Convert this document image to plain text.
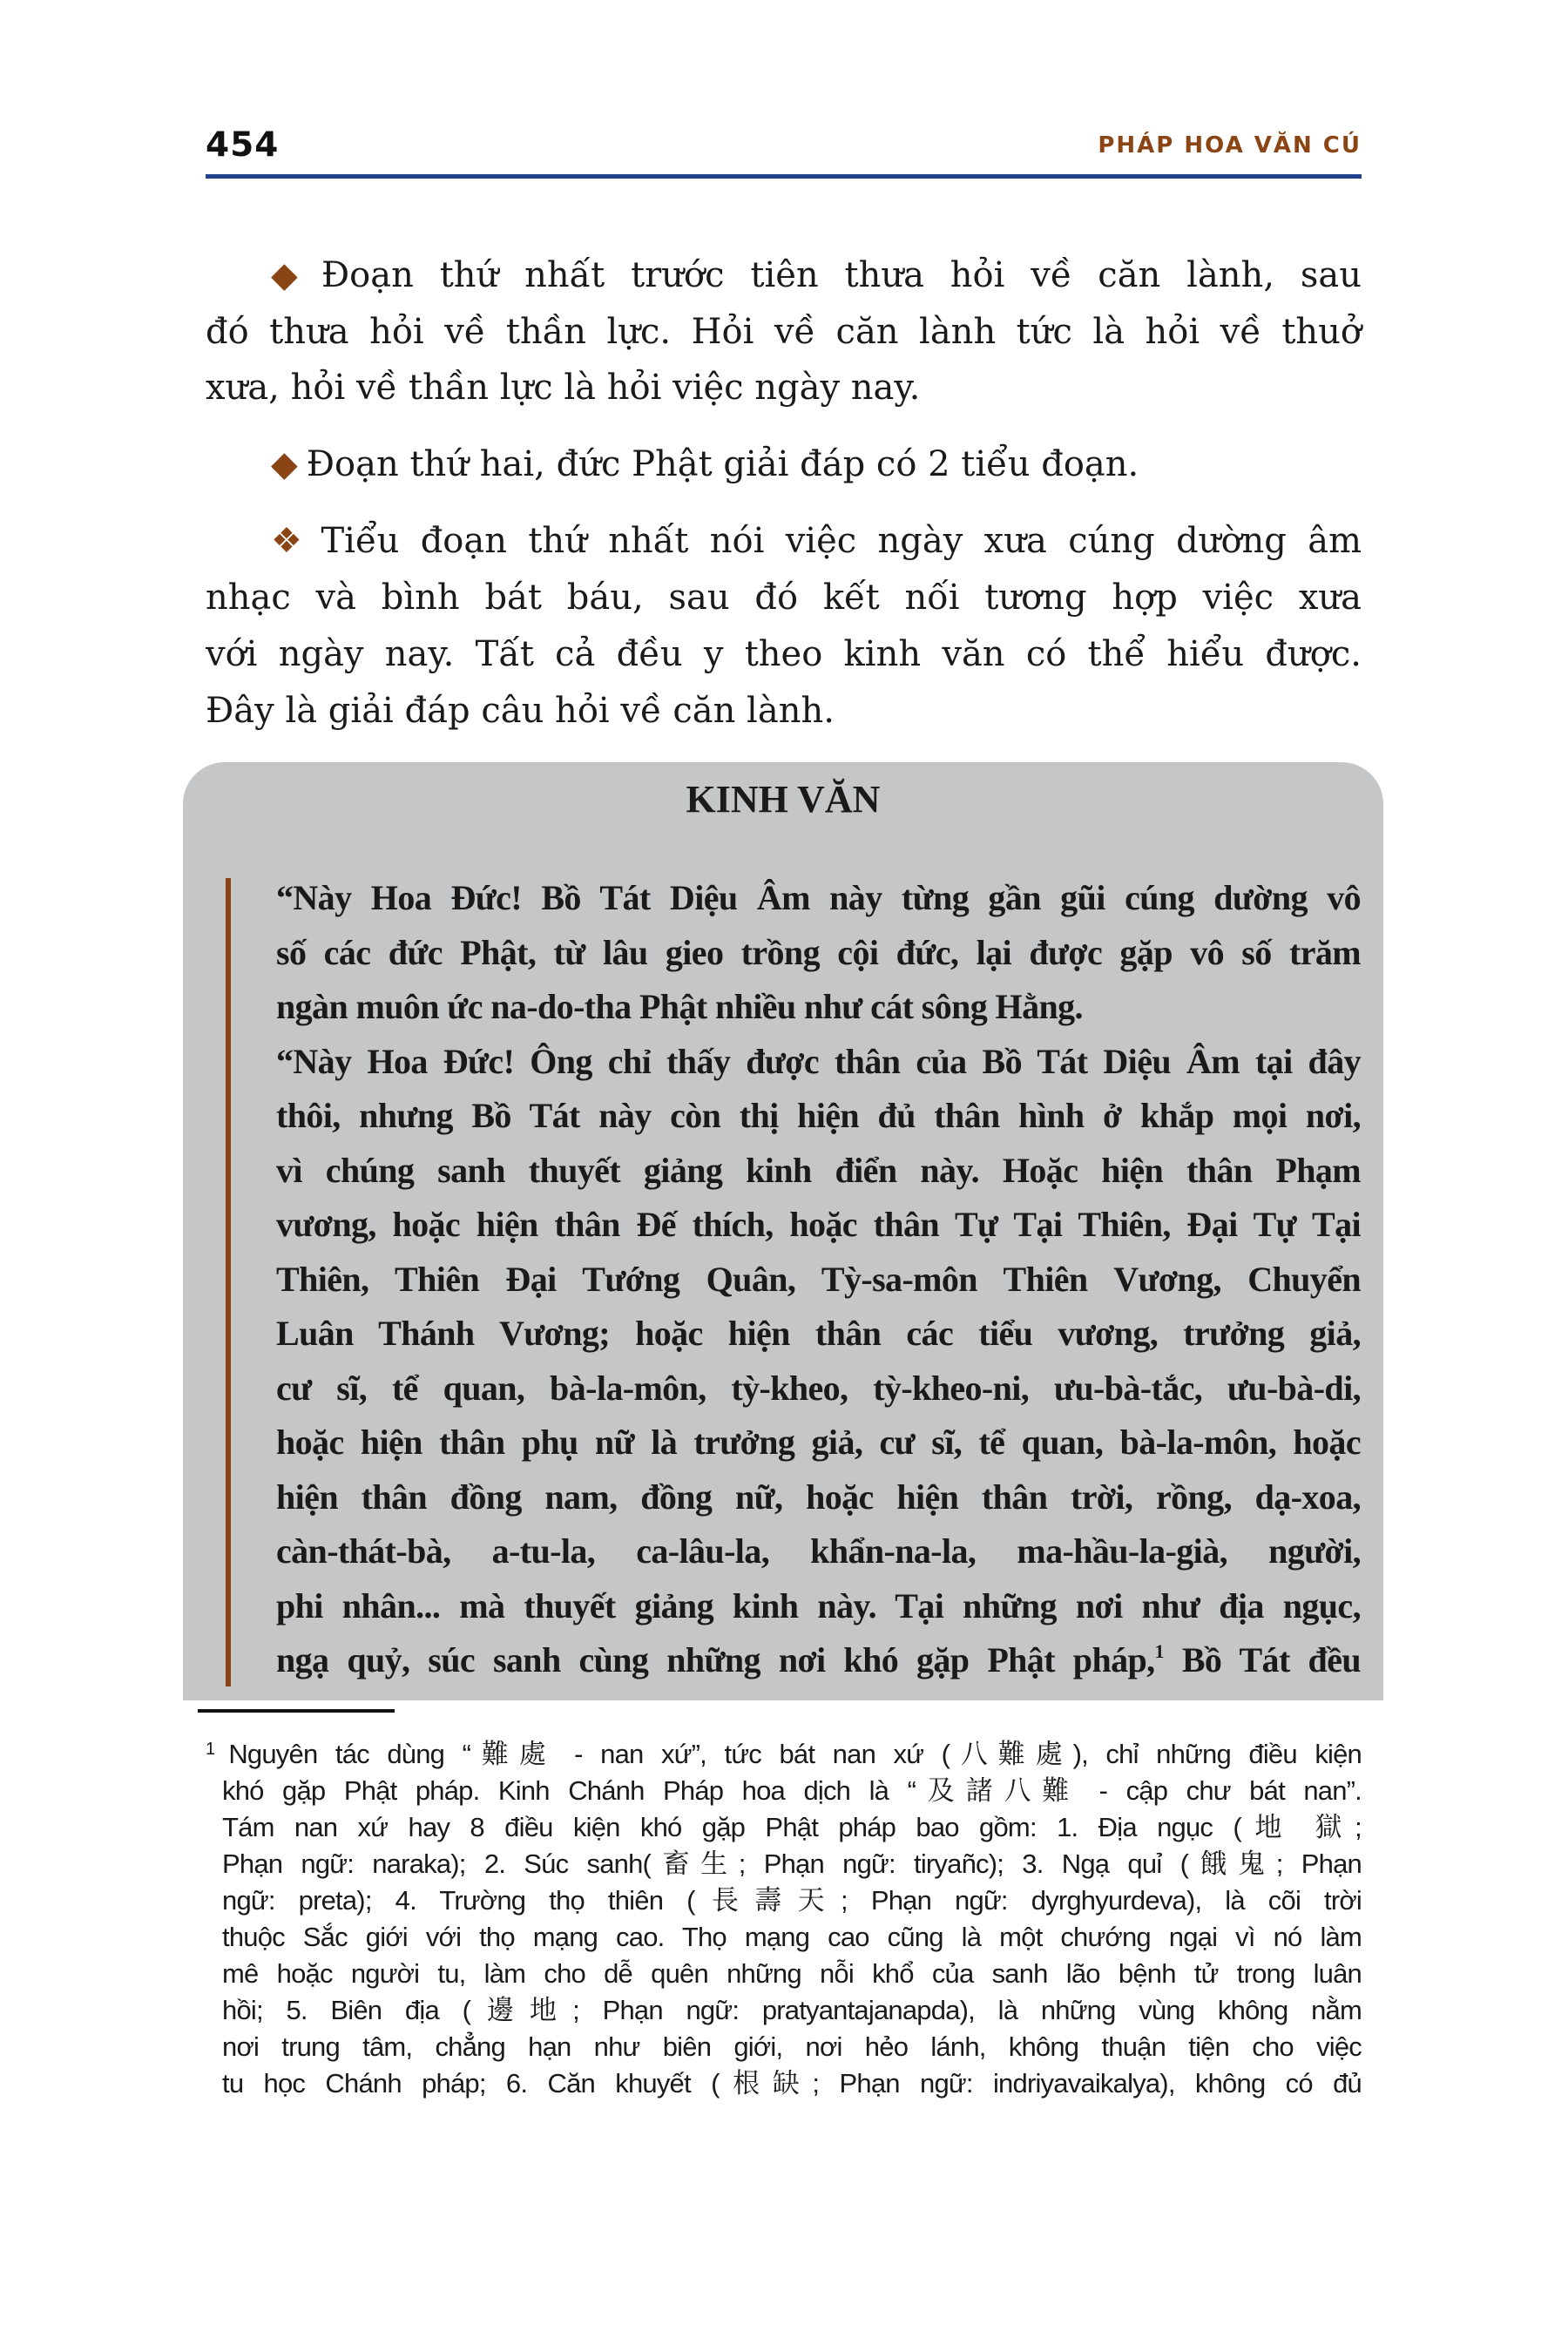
454	PHÁP HOA VĂN CÚ
◆ Đoạn thứ nhất trước tiên thưa hỏi về căn lành, sau
đó thưa hỏi về thần lực. Hỏi về căn lành tức là hỏi về thuở
xưa, hỏi về thần lực là hỏi việc ngày nay.
◆ Đoạn thứ hai, đức Phật giải đáp có 2 tiểu đoạn.
❖ Tiểu đoạn thứ nhất nói việc ngày xưa cúng dường âm
nhạc và bình bát báu, sau đó kết nối tương hợp việc xưa
với ngày nay. Tất cả đều y theo kinh văn có thể hiểu được.
Đây là giải đáp câu hỏi về căn lành.
KINH VĂN
“Này Hoa Đức! Bồ Tát Diệu Âm này từng gần gũi cúng dường vô
số các đức Phật, từ lâu gieo trồng cội đức, lại được gặp vô số trăm
ngàn muôn ức na-do-tha Phật nhiều như cát sông Hằng.
“Này Hoa Đức! Ông chỉ thấy được thân của Bồ Tát Diệu Âm tại đây
thôi, nhưng Bồ Tát này còn thị hiện đủ thân hình ở khắp mọi nơi,
vì chúng sanh thuyết giảng kinh điển này. Hoặc hiện thân Phạm
vương, hoặc hiện thân Đế thích, hoặc thân Tự Tại Thiên, Đại Tự Tại
Thiên, Thiên Đại Tướng Quân, Tỳ-sa-môn Thiên Vương, Chuyển
Luân Thánh Vương; hoặc hiện thân các tiểu vương, trưởng giả,
cư sĩ, tể quan, bà-la-môn, tỳ-kheo, tỳ-kheo-ni, ưu-bà-tắc, ưu-bà-di,
hoặc hiện thân phụ nữ là trưởng giả, cư sĩ, tể quan, bà-la-môn, hoặc
hiện thân đồng nam, đồng nữ, hoặc hiện thân trời, rồng, dạ-xoa,
càn-thát-bà, a-tu-la, ca-lâu-la, khẩn-na-la, ma-hầu-la-già, người,
phi nhân... mà thuyết giảng kinh này. Tại những nơi như địa ngục,
ngạ quỷ, súc sanh cùng những nơi khó gặp Phật pháp,$^1$ Bồ Tát đều
$^1$ Nguyên tác dùng “難處 - nan xứ”, tức bát nan xứ (八難處), chỉ những điều kiện
khó gặp Phật pháp. Kinh Chánh Pháp hoa dịch là “及諸八難 - cập chư bát nan”.
Tám nan xứ hay 8 điều kiện khó gặp Phật pháp bao gồm: 1. Địa ngục (地 獄;
Phạn ngữ: naraka); 2. Súc sanh(畜生; Phạn ngữ: tiryañc); 3. Ngạ quỉ (餓鬼; Phạn
ngữ: preta); 4. Trường thọ thiên (長壽天; Phạn ngữ: dyrghyurdeva), là cõi trời
thuộc Sắc giới với thọ mạng cao. Thọ mạng cao cũng là một chướng ngại vì nó làm
mê hoặc người tu, làm cho dễ quên những nỗi khổ của sanh lão bệnh tử trong luân
hồi; 5. Biên địa (邊地; Phạn ngữ: pratyantajanapda), là những vùng không nằm
nơi trung tâm, chẳng hạn như biên giới, nơi hẻo lánh, không thuận tiện cho việc
tu học Chánh pháp; 6. Căn khuyết (根缺; Phạn ngữ: indriyavaikalya), không có đủ
